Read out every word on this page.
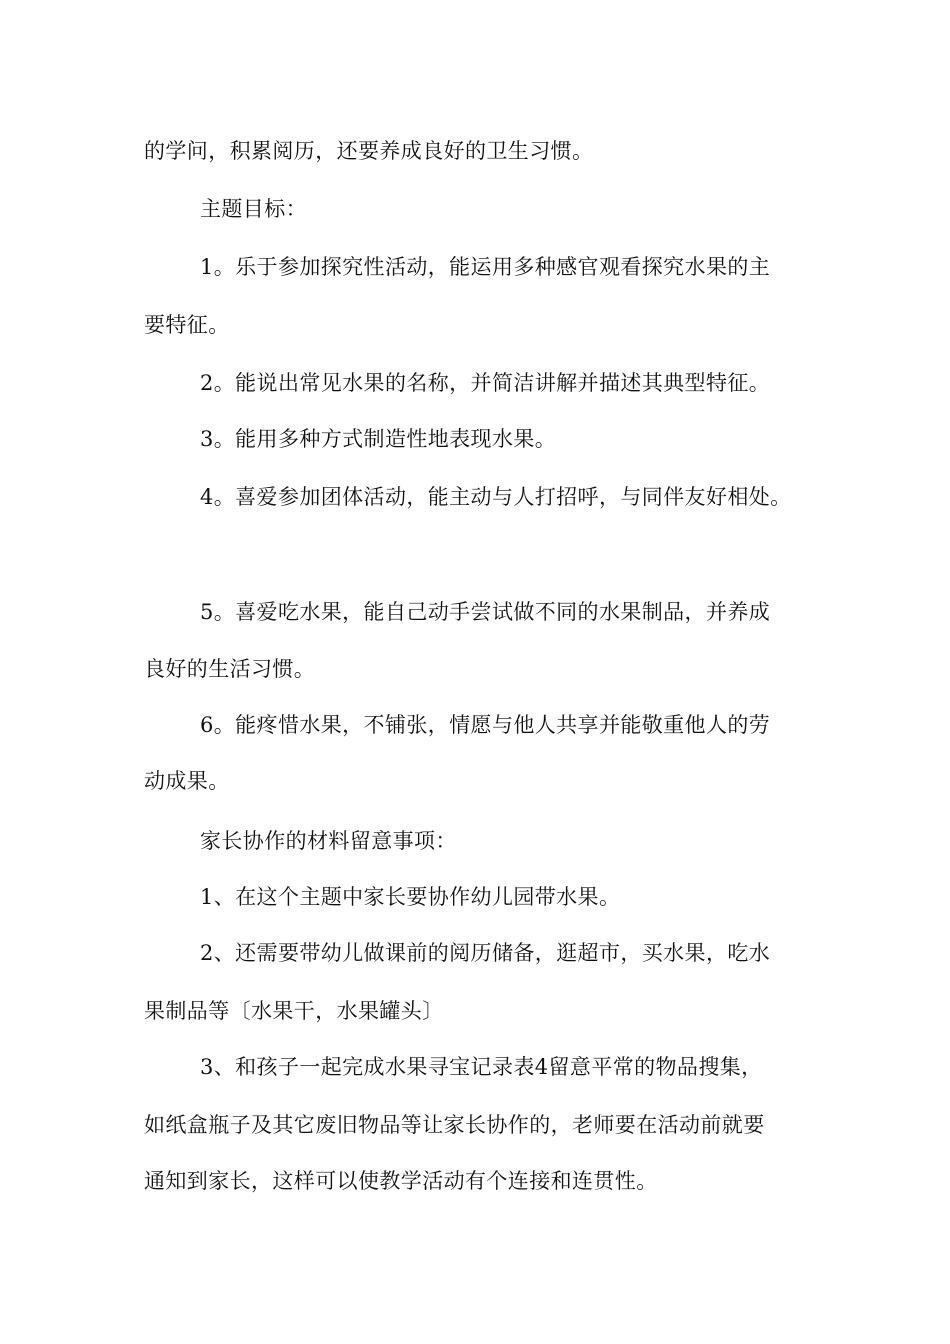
的学问，积累阅历，还要养成良好的卫生习惯。
主题目标：
1。乐于参加探究性活动，能运用多种感官观看探究水果的主
要特征。
2。能说出常见水果的名称，并简洁讲解并描述其典型特征。
3。能用多种方式制造性地表现水果。
4。喜爱参加团体活动，能主动与人打招呼，与同伴友好相处。
5。喜爱吃水果，能自己动手尝试做不同的水果制品，并养成
良好的生活习惯。
6。能疼惜水果，不铺张，情愿与他人共享并能敬重他人的劳
动成果。
家长协作的材料留意事项：
1、在这个主题中家长要协作幼儿园带水果。
2、还需要带幼儿做课前的阅历储备，逛超市，买水果，吃水
果制品等〔水果干，水果罐头〕
3、和孩子一起完成水果寻宝记录表4留意平常的物品搜集，
如纸盒瓶子及其它废旧物品等让家长协作的，老师要在活动前就要
通知到家长，这样可以使教学活动有个连接和连贯性。
